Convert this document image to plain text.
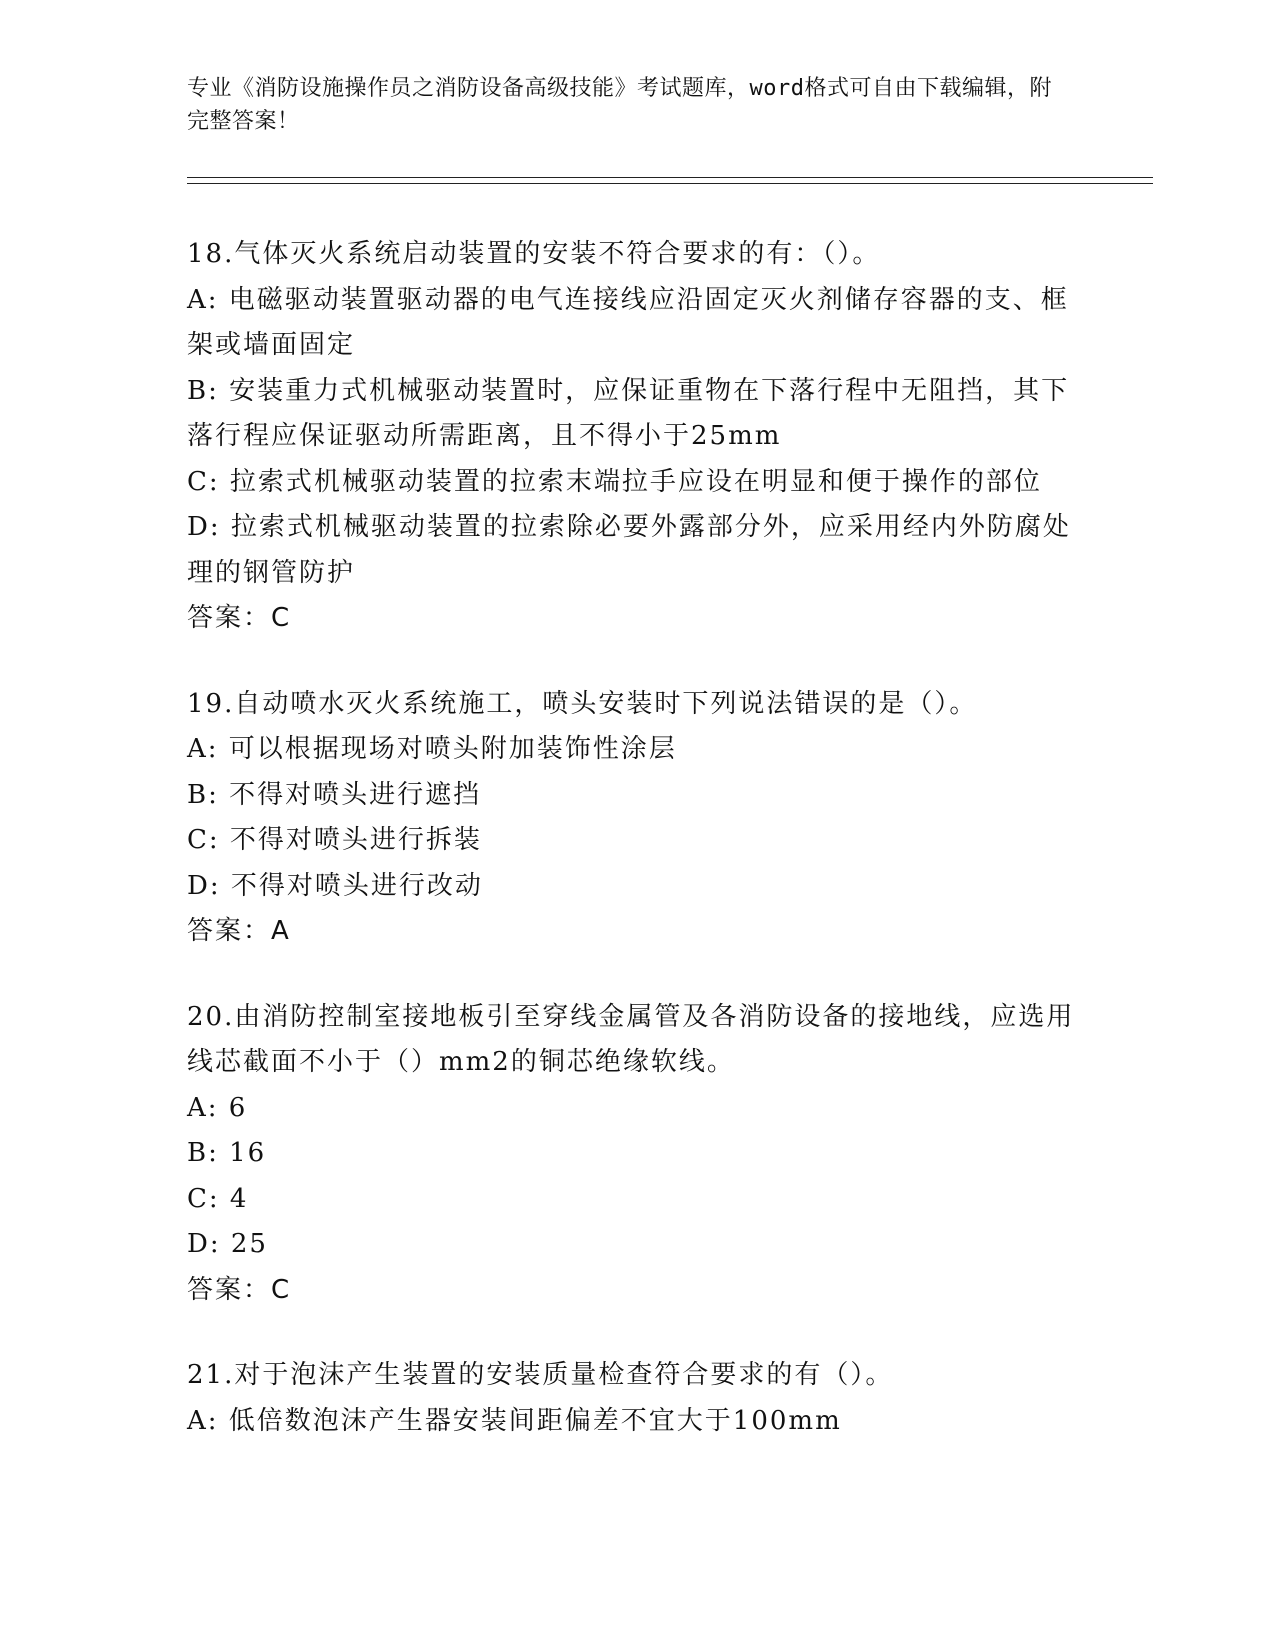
专业《消防设施操作员之消防设备高级技能》考试题库，word格式可自由下载编辑，附完整答案！
18.气体灭火系统启动装置的安装不符合要求的有：（）。
A: 电磁驱动装置驱动器的电气连接线应沿固定灭火剂储存容器的支、框架或墙面固定
B: 安装重力式机械驱动装置时，应保证重物在下落行程中无阻挡，其下落行程应保证驱动所需距离，且不得小于25mm
C: 拉索式机械驱动装置的拉索末端拉手应设在明显和便于操作的部位
D: 拉索式机械驱动装置的拉索除必要外露部分外，应采用经内外防腐处理的钢管防护
答案：C
19.自动喷水灭火系统施工，喷头安装时下列说法错误的是（）。
A: 可以根据现场对喷头附加装饰性涂层
B: 不得对喷头进行遮挡
C: 不得对喷头进行拆装
D: 不得对喷头进行改动
答案：A
20.由消防控制室接地板引至穿线金属管及各消防设备的接地线，应选用线芯截面不小于（）mm2的铜芯绝缘软线。
A: 6
B: 16
C: 4
D: 25
答案：C
21.对于泡沫产生装置的安装质量检查符合要求的有（）。
A: 低倍数泡沫产生器安装间距偏差不宜大于100mm
